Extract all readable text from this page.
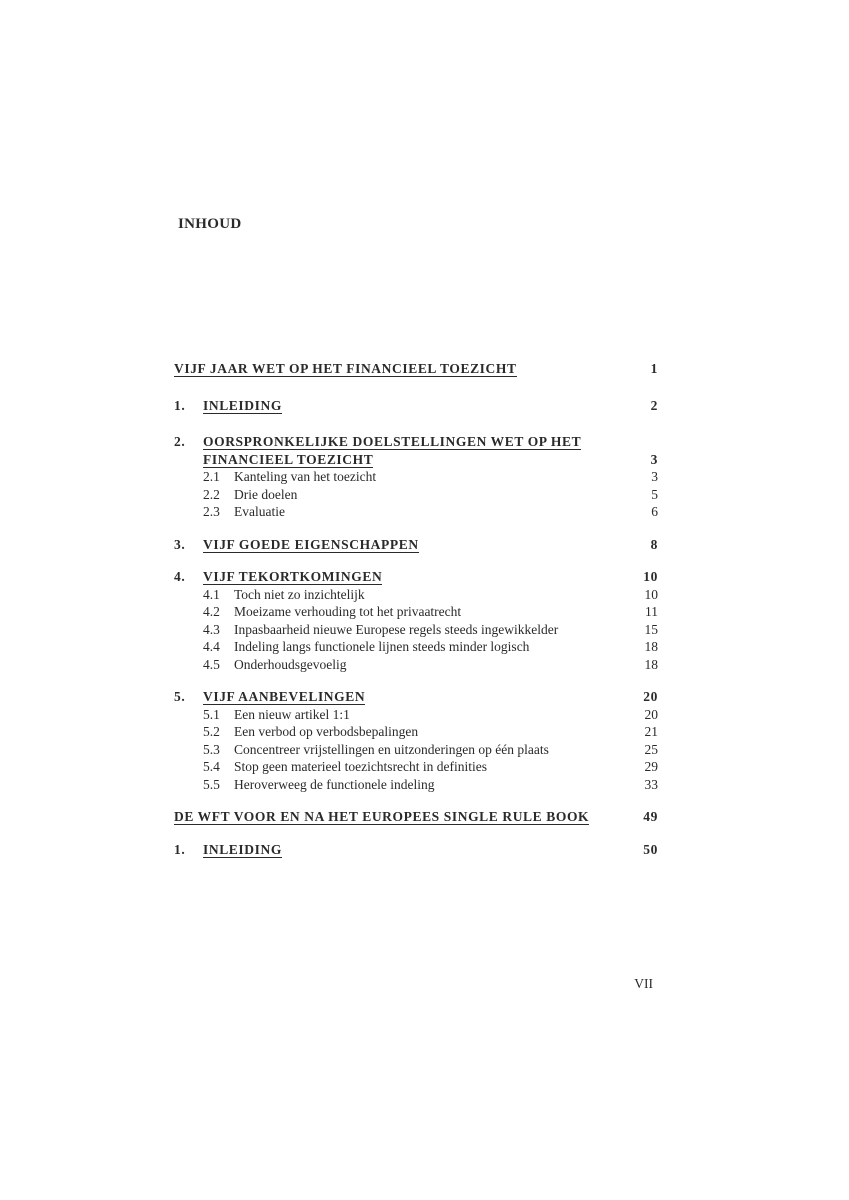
INHOUD
VIJF JAAR WET OP HET FINANCIEEL TOEZICHT	1
1. INLEIDING	2
2. OORSPRONKELIJKE DOELSTELLINGEN WET OP HET
FINANCIEEL TOEZICHT	3
2.1 Kanteling van het toezicht	3
2.2 Drie doelen	5
2.3 Evaluatie	6
3. VIJF GOEDE EIGENSCHAPPEN	8
4. VIJF TEKORTKOMINGEN	10
4.1 Toch niet zo inzichtelijk	10
4.2 Moeizame verhouding tot het privaatrecht	11
4.3 Inpasbaarheid nieuwe Europese regels steeds ingewikkelder	15
4.4 Indeling langs functionele lijnen steeds minder logisch	18
4.5 Onderhoudsgevoelig	18
5. VIJF AANBEVELINGEN	20
5.1 Een nieuw artikel 1:1	20
5.2 Een verbod op verbodsbepalingen	21
5.3 Concentreer vrijstellingen en uitzonderingen op één plaats	25
5.4 Stop geen materieel toezichtsrecht in definities	29
5.5 Heroverweeg de functionele indeling	33
DE WFT VOOR EN NA HET EUROPEES SINGLE RULE BOOK	49
1. INLEIDING	50
VII
